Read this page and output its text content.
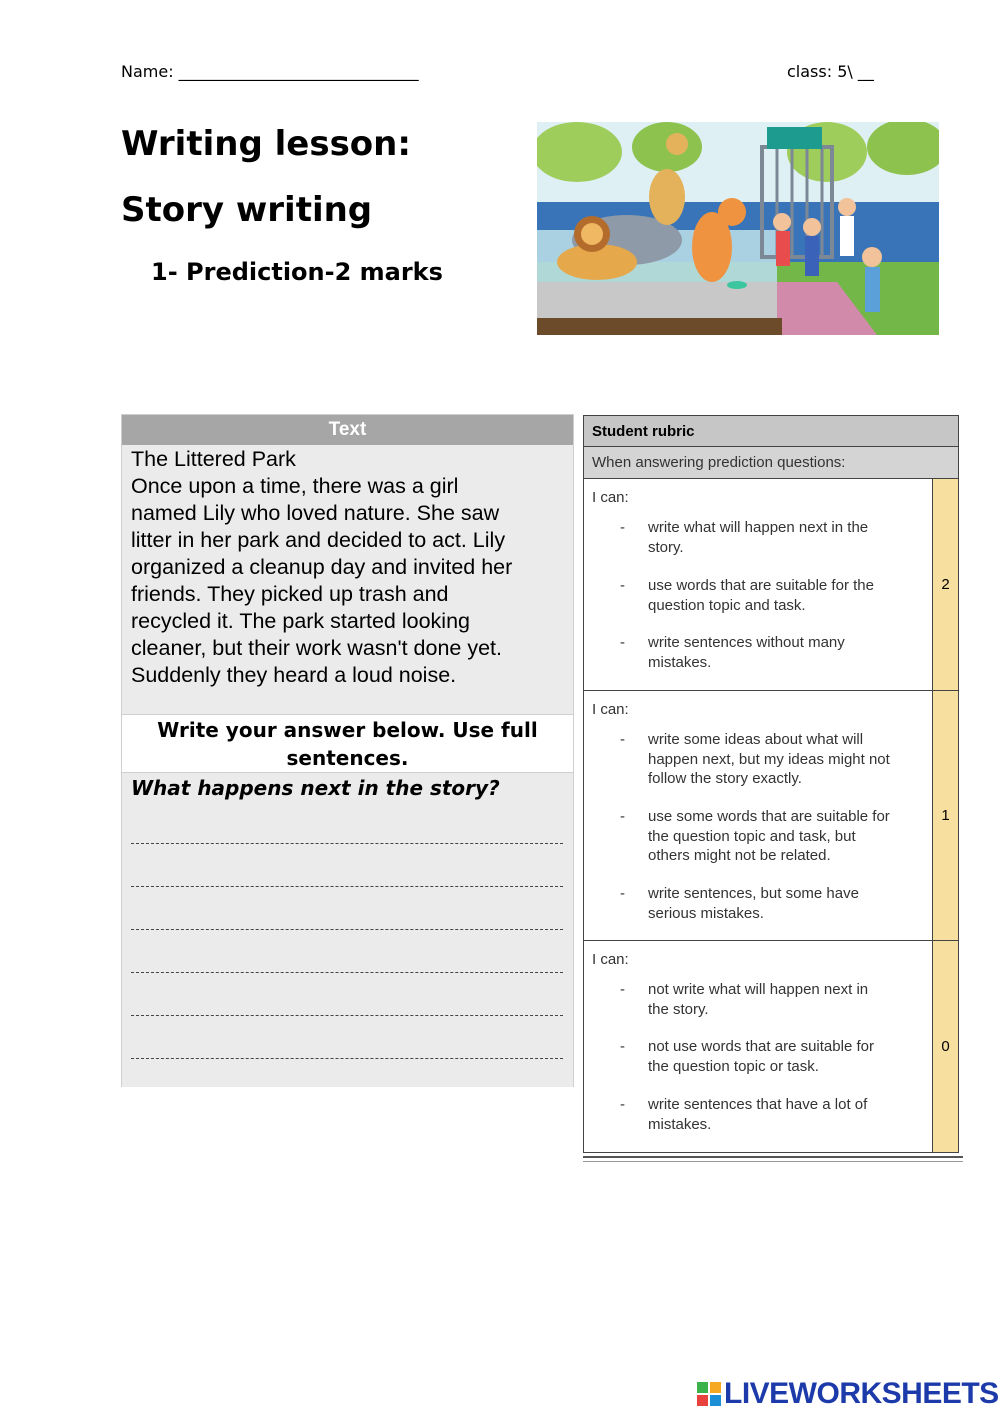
Name: ______________________________	class: 5\ __
Writing lesson:
Story writing
1- Prediction-2 marks
Text
The Littered Park
Once upon a time, there was a girl
named Lily who loved nature. She saw
litter in her park and decided to act. Lily
organized a cleanup day and invited her
friends. They picked up trash and
recycled it. The park started looking
cleaner, but their work wasn't done yet.
Suddenly they heard a loud noise.
Write your answer below. Use full
sentences.
What happens next in the story?
Student rubric
When answering prediction questions:
I can:
- write what will happen next in the
story.
- use words that are suitable for the
question topic and task.
- write sentences without many
mistakes.
2
I can:
- write some ideas about what will
happen next, but my ideas might not
follow the story exactly.
- use some words that are suitable for
the question topic and task, but
others might not be related.
- write sentences, but some have
serious mistakes.
1
I can:
- not write what will happen next in
the story.
- not use words that are suitable for
the question topic or task.
- write sentences that have a lot of
mistakes.
0
LIVEWORKSHEETS
